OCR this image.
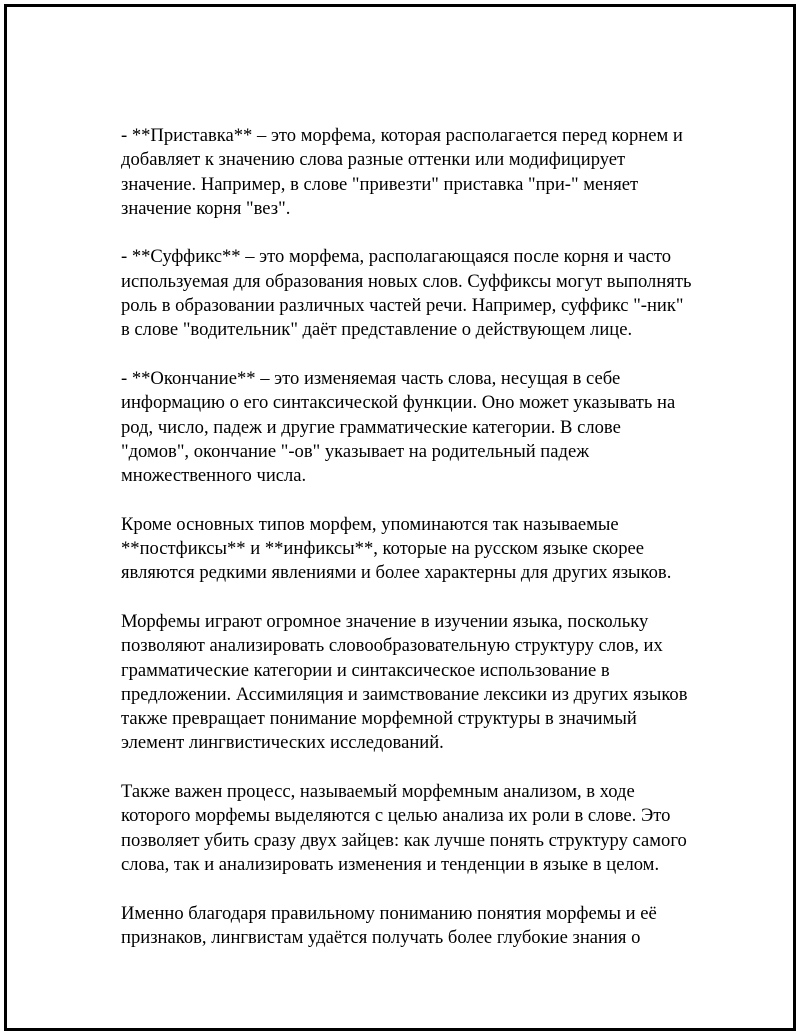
- **Приставка** – это морфема, которая располагается перед корнем и
добавляет к значению слова разные оттенки или модифицирует
значение. Например, в слове "привезти" приставка "при-" меняет
значение корня "вез".

- **Суффикс** – это морфема, располагающаяся после корня и часто
используемая для образования новых слов. Суффиксы могут выполнять
роль в образовании различных частей речи. Например, суффикс "-ник"
в слове "водительник" даёт представление о действующем лице.

- **Окончание** – это изменяемая часть слова, несущая в себе
информацию о его синтаксической функции. Оно может указывать на
род, число, падеж и другие грамматические категории. В слове
"домов", окончание "-ов" указывает на родительный падеж
множественного числа.

Кроме основных типов морфем, упоминаются так называемые
**постфиксы** и **инфиксы**, которые на русском языке скорее
являются редкими явлениями и более характерны для других языков.

Морфемы играют огромное значение в изучении языка, поскольку
позволяют анализировать словообразовательную структуру слов, их
грамматические категории и синтаксическое использование в
предложении. Ассимиляция и заимствование лексики из других языков
также превращает понимание морфемной структуры в значимый
элемент лингвистических исследований.

Также важен процесс, называемый морфемным анализом, в ходе
которого морфемы выделяются с целью анализа их роли в слове. Это
позволяет убить сразу двух зайцев: как лучше понять структуру самого
слова, так и анализировать изменения и тенденции в языке в целом.

Именно благодаря правильному пониманию понятия морфемы и её
признаков, лингвистам удаётся получать более глубокие знания о
